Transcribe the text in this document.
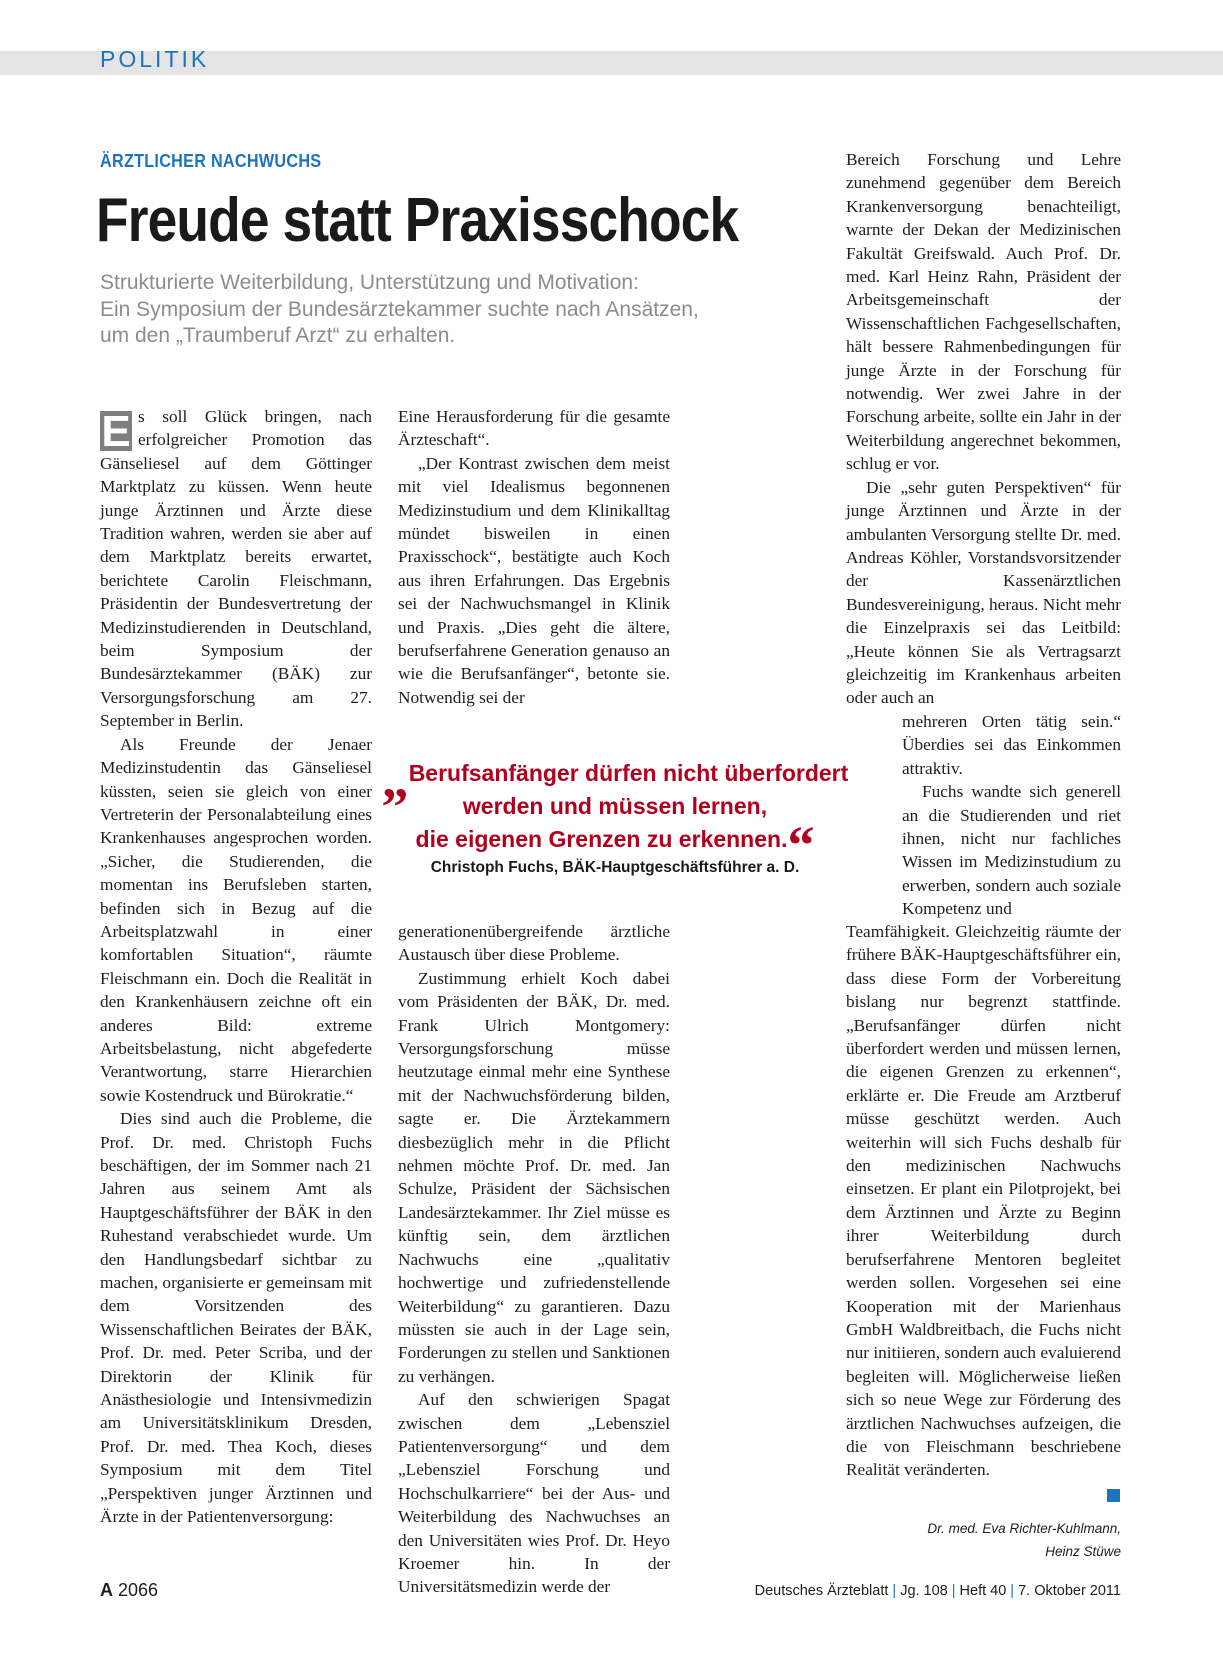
POLITIK
ÄRZTLICHER NACHWUCHS
Freude statt Praxisschock
Strukturierte Weiterbildung, Unterstützung und Motivation:
Ein Symposium der Bundesärztekammer suchte nach Ansätzen,
um den „Traumberuf Arzt“ zu erhalten.

E s soll Glück bringen, nach erfolgreicher Promotion das Gänseliesel auf dem Göttinger Marktplatz zu küssen. Wenn heute junge Ärztinnen und Ärzte diese Tradition wahren, werden sie aber auf dem Marktplatz bereits erwartet, berichtete Carolin Fleischmann, Präsidentin der Bundesvertretung der Medizinstudierenden in Deutschland, beim Symposium der Bundesärztekammer (BÄK) zur Versorgungsforschung am 27. September in Berlin.

Als Freunde der Jenaer Medizinstudentin das Gänseliesel küssten, seien sie gleich von einer Vertreterin der Personalabteilung eines Krankenhauses angesprochen worden. „Sicher, die Studierenden, die momentan ins Berufsleben starten, befinden sich in Bezug auf die Arbeitsplatzwahl in einer komfortablen Situation“, räumte Fleischmann ein. Doch die Realität in den Krankenhäusern zeichne oft ein anderes Bild: extreme Arbeitsbelastung, nicht abgefederte Verantwortung, starre Hierarchien sowie Kostendruck und Bürokratie.“

Dies sind auch die Probleme, die Prof. Dr. med. Christoph Fuchs beschäftigen, der im Sommer nach 21 Jahren aus seinem Amt als Hauptgeschäftsführer der BÄK in den Ruhestand verabschiedet wurde. Um den Handlungsbedarf sichtbar zu machen, organisierte er gemeinsam mit dem Vorsitzenden des Wissenschaftlichen Beirates der BÄK, Prof. Dr. med. Peter Scriba, und der Direktorin der Klinik für Anästhesiologie und Intensivmedizin am Universitätsklinikum Dresden, Prof. Dr. med. Thea Koch, dieses Symposium mit dem Titel „Perspektiven junger Ärztinnen und Ärzte in der Patientenversorgung:

Eine Herausforderung für die gesamte Ärzteschaft“.

„Der Kontrast zwischen dem meist mit viel Idealismus begonnenen Medizinstudium und dem Klinikalltag mündet bisweilen in einen Praxisschock“, bestätigte auch Koch aus ihren Erfahrungen. Das Ergebnis sei der Nachwuchsmangel in Klinik und Praxis. „Dies geht die ältere, berufserfahrene Generation genauso an wie die Berufsanfänger“, betonte sie. Notwendig sei der

„Berufsanfänger dürfen nicht überfordert
werden und müssen lernen,
die eigenen Grenzen zu erkennen.“
Christoph Fuchs, BÄK-Hauptgeschäftsführer a. D.

generationenübergreifende ärztliche Austausch über diese Probleme.

Zustimmung erhielt Koch dabei vom Präsidenten der BÄK, Dr. med. Frank Ulrich Montgomery: Versorgungsforschung müsse heutzutage einmal mehr eine Synthese mit der Nachwuchsförderung bilden, sagte er. Die Ärztekammern diesbezüglich mehr in die Pflicht nehmen möchte Prof. Dr. med. Jan Schulze, Präsident der Sächsischen Landesärztekammer. Ihr Ziel müsse es künftig sein, dem ärztlichen Nachwuchs eine „qualitativ hochwertige und zufriedenstellende Weiterbildung“ zu garantieren. Dazu müssten sie auch in der Lage sein, Forderungen zu stellen und Sanktionen zu verhängen.

Auf den schwierigen Spagat zwischen dem „Lebensziel Patientenversorgung“ und dem „Lebensziel Forschung und Hochschulkarriere“ bei der Aus- und Weiterbildung des Nachwuchses an den Universitäten wies Prof. Dr. Heyo Kroemer hin. In der Universitätsmedizin werde der

Bereich Forschung und Lehre zunehmend gegenüber dem Bereich Krankenversorgung benachteiligt, warnte der Dekan der Medizinischen Fakultät Greifswald. Auch Prof. Dr. med. Karl Heinz Rahn, Präsident der Arbeitsgemeinschaft der Wissenschaftlichen Fachgesellschaften, hält bessere Rahmenbedingungen für junge Ärzte in der Forschung für notwendig. Wer zwei Jahre in der Forschung arbeite, sollte ein Jahr in der Weiterbildung angerechnet bekommen, schlug er vor.

Die „sehr guten Perspektiven“ für junge Ärztinnen und Ärzte in der ambulanten Versorgung stellte Dr. med. Andreas Köhler, Vorstandsvorsitzender der Kassenärztlichen Bundesvereinigung, heraus. Nicht mehr die Einzelpraxis sei das Leitbild: „Heute können Sie als Vertragsarzt gleichzeitig im Krankenhaus arbeiten oder auch an

mehreren Orten tätig sein.“ Überdies sei das Einkommen attraktiv.

Fuchs wandte sich generell an die Studierenden und riet ihnen, nicht nur fachliches Wissen im Medizinstudium zu erwerben, sondern auch soziale Kompetenz und

Teamfähigkeit. Gleichzeitig räumte der frühere BÄK-Hauptgeschäftsführer ein, dass diese Form der Vorbereitung bislang nur begrenzt stattfinde. „Berufsanfänger dürfen nicht überfordert werden und müssen lernen, die eigenen Grenzen zu erkennen“, erklärte er. Die Freude am Arztberuf müsse geschützt werden. Auch weiterhin will sich Fuchs deshalb für den medizinischen Nachwuchs einsetzen. Er plant ein Pilotprojekt, bei dem Ärztinnen und Ärzte zu Beginn ihrer Weiterbildung durch berufserfahrene Mentoren begleitet werden sollen. Vorgesehen sei eine Kooperation mit der Marienhaus GmbH Waldbreitbach, die Fuchs nicht nur initiieren, sondern auch evaluierend begleiten will. Möglicherweise ließen sich so neue Wege zur Förderung des ärztlichen Nachwuchses aufzeigen, die die von Fleischmann beschriebene Realität veränderten.

Dr. med. Eva Richter-Kuhlmann,
Heinz Stüwe
A 2066	Deutsches Ärzteblatt | Jg. 108 | Heft 40 | 7. Oktober 2011
